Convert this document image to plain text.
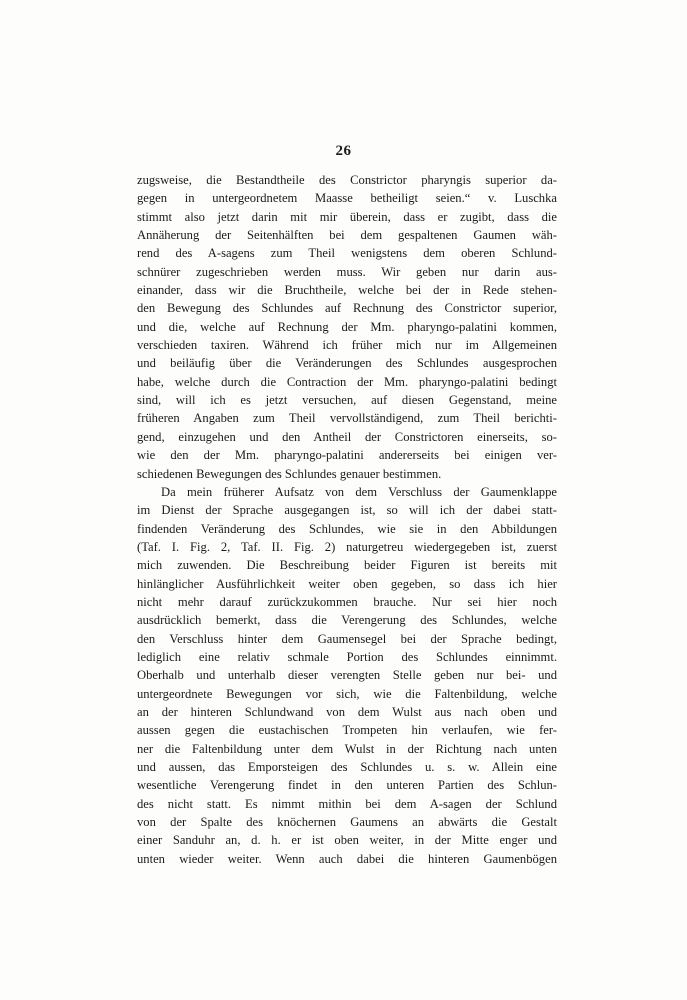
26
zugsweise, die Bestandtheile des Constrictor pharyngis superior da-
gegen in untergeordnetem Maasse betheiligt seien.“ v. Luschka
stimmt also jetzt darin mit mir überein, dass er zugibt, dass die
Annäherung der Seitenhälften bei dem gespaltenen Gaumen wäh-
rend des A-sagens zum Theil wenigstens dem oberen Schlund-
schnürer zugeschrieben werden muss. Wir geben nur darin aus-
einander, dass wir die Bruchtheile, welche bei der in Rede stehen-
den Bewegung des Schlundes auf Rechnung des Constrictor superior,
und die, welche auf Rechnung der Mm. pharyngo-palatini kommen,
verschieden taxiren. Während ich früher mich nur im Allgemeinen
und beiläufig über die Veränderungen des Schlundes ausgesprochen
habe, welche durch die Contraction der Mm. pharyngo-palatini bedingt
sind, will ich es jetzt versuchen, auf diesen Gegenstand, meine
früheren Angaben zum Theil vervollständigend, zum Theil berichti-
gend, einzugehen und den Antheil der Constrictoren einerseits, so-
wie den der Mm. pharyngo-palatini andererseits bei einigen ver-
schiedenen Bewegungen des Schlundes genauer bestimmen.
Da mein früherer Aufsatz von dem Verschluss der Gaumenklappe
im Dienst der Sprache ausgegangen ist, so will ich der dabei statt-
findenden Veränderung des Schlundes, wie sie in den Abbildungen
(Taf. I. Fig. 2, Taf. II. Fig. 2) naturgetreu wiedergegeben ist, zuerst
mich zuwenden. Die Beschreibung beider Figuren ist bereits mit
hinlänglicher Ausführlichkeit weiter oben gegeben, so dass ich hier
nicht mehr darauf zurückzukommen brauche. Nur sei hier noch
ausdrücklich bemerkt, dass die Verengerung des Schlundes, welche
den Verschluss hinter dem Gaumensegel bei der Sprache bedingt,
lediglich eine relativ schmale Portion des Schlundes einnimmt.
Oberhalb und unterhalb dieser verengten Stelle geben nur bei- und
untergeordnete Bewegungen vor sich, wie die Faltenbildung, welche
an der hinteren Schlundwand von dem Wulst aus nach oben und
aussen gegen die eustachischen Trompeten hin verlaufen, wie fer-
ner die Faltenbildung unter dem Wulst in der Richtung nach unten
und aussen, das Emporsteigen des Schlundes u. s. w. Allein eine
wesentliche Verengerung findet in den unteren Partien des Schlun-
des nicht statt. Es nimmt mithin bei dem A-sagen der Schlund
von der Spalte des knöchernen Gaumens an abwärts die Gestalt
einer Sanduhr an, d. h. er ist oben weiter, in der Mitte enger und
unten wieder weiter. Wenn auch dabei die hinteren Gaumenbögen
